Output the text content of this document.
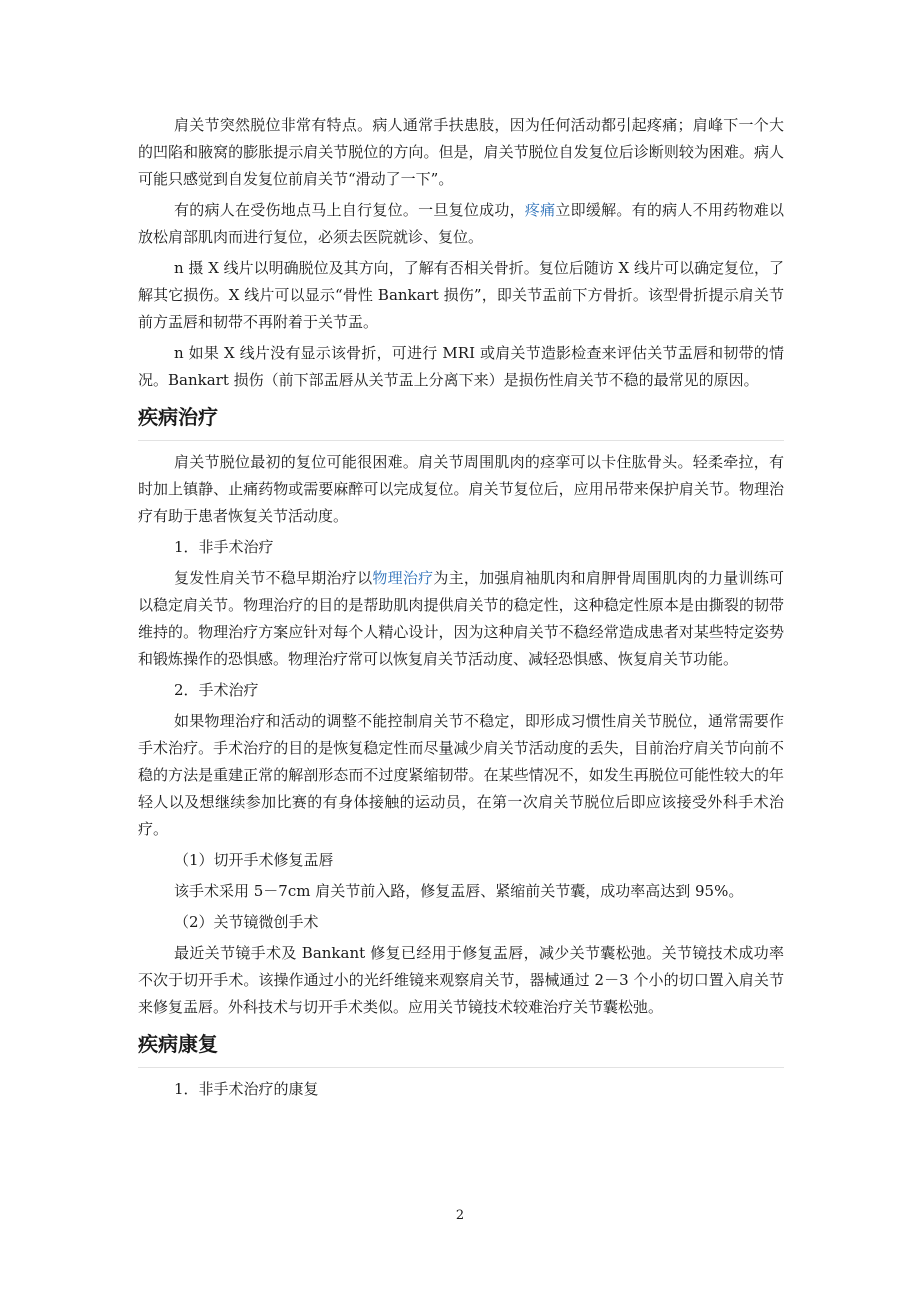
肩关节突然脱位非常有特点。病人通常手扶患肢，因为任何活动都引起疼痛；肩峰下一个大的凹陷和腋窝的膨胀提示肩关节脱位的方向。但是，肩关节脱位自发复位后诊断则较为困难。病人可能只感觉到自发复位前肩关节“滑动了一下”。

有的病人在受伤地点马上自行复位。一旦复位成功，疼痛立即缓解。有的病人不用药物难以放松肩部肌肉而进行复位，必须去医院就诊、复位。

n 摄 X 线片以明确脱位及其方向，了解有否相关骨折。复位后随访 X 线片可以确定复位，了解其它损伤。X 线片可以显示“骨性 Bankart 损伤”，即关节盂前下方骨折。该型骨折提示肩关节前方盂唇和韧带不再附着于关节盂。

n 如果 X 线片没有显示该骨折，可进行 MRI 或肩关节造影检查来评估关节盂唇和韧带的情况。Bankart 损伤（前下部盂唇从关节盂上分离下来）是损伤性肩关节不稳的最常见的原因。

疾病治疗

肩关节脱位最初的复位可能很困难。肩关节周围肌肉的痉挛可以卡住肱骨头。轻柔牵拉，有时加上镇静、止痛药物或需要麻醉可以完成复位。肩关节复位后，应用吊带来保护肩关节。物理治疗有助于患者恢复关节活动度。

1．非手术治疗

复发性肩关节不稳早期治疗以物理治疗为主，加强肩袖肌肉和肩胛骨周围肌肉的力量训练可以稳定肩关节。物理治疗的目的是帮助肌肉提供肩关节的稳定性，这种稳定性原本是由撕裂的韧带维持的。物理治疗方案应针对每个人精心设计，因为这种肩关节不稳经常造成患者对某些特定姿势和锻炼操作的恐惧感。物理治疗常可以恢复肩关节活动度、减轻恐惧感、恢复肩关节功能。

2．手术治疗

如果物理治疗和活动的调整不能控制肩关节不稳定，即形成习惯性肩关节脱位，通常需要作手术治疗。手术治疗的目的是恢复稳定性而尽量减少肩关节活动度的丢失，目前治疗肩关节向前不稳的方法是重建正常的解剖形态而不过度紧缩韧带。在某些情况不，如发生再脱位可能性较大的年轻人以及想继续参加比赛的有身体接触的运动员，在第一次肩关节脱位后即应该接受外科手术治疗。

（1）切开手术修复盂唇

该手术采用 5－7cm 肩关节前入路，修复盂唇、紧缩前关节囊，成功率高达到 95%。

（2）关节镜微创手术

最近关节镜手术及 Bankant 修复已经用于修复盂唇，减少关节囊松弛。关节镜技术成功率不次于切开手术。该操作通过小的光纤维镜来观察肩关节，器械通过 2－3 个小的切口置入肩关节来修复盂唇。外科技术与切开手术类似。应用关节镜技术较难治疗关节囊松弛。

疾病康复

1．非手术治疗的康复

2
